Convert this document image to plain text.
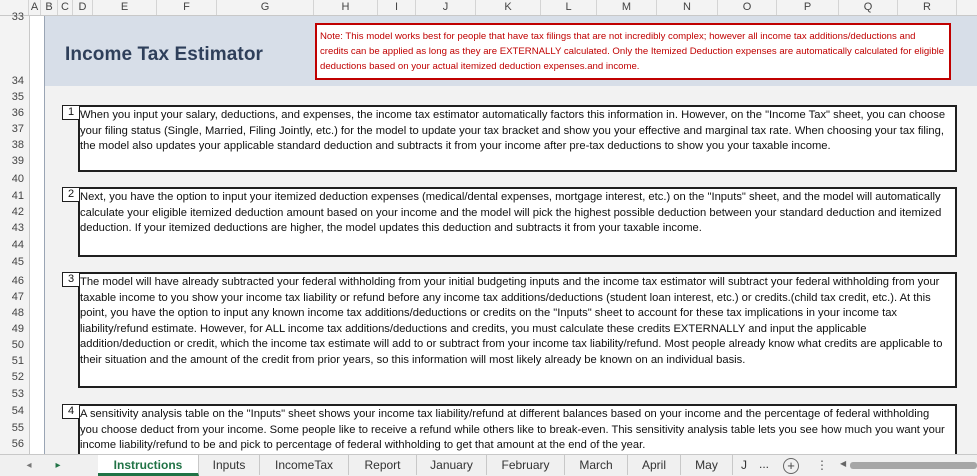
A B C D	E	F	G	H	I	J	K	L	M	N	O	P	Q	R
33
34
35
36
37
38
39
40
41
42
43
44
45
46
47
48
49
50
51
52
53
54
55
56
Income Tax Estimator
Note: This model works best for people that have tax filings that are not incredibly complex; however all income tax additions/deductions and credits can be applied as long as they are EXTERNALLY calculated. Only the Itemized Deduction expenses are automatically calculated for eligible deductions based on your actual itemized deduction expenses.and income.
1 When you input your salary, deductions, and expenses, the income tax estimator automatically factors this information in. However, on the "Income Tax" sheet, you can choose your filing status (Single, Married, Filing Jointly, etc.) for the model to update your tax bracket and show you your effective and marginal tax rate. When choosing your tax filing, the model also updates your applicable standard deduction and subtracts it from your income after pre-tax deductions to show you your taxable income.

2 Next, you have the option to input your itemized deduction expenses (medical/dental expenses, mortgage interest, etc.) on the "Inputs" sheet, and the model will automatically calculate your eligible itemized deduction amount based on your income and the model will pick the highest possible deduction between your standard deduction and itemized deduction. If your itemized deductions are higher, the model updates this deduction and subtracts it from your taxable income.

3 The model will have already subtracted your federal withholding from your initial budgeting inputs and the income tax estimator will subtract your federal withholding from your taxable income to you show your income tax liability or refund before any income tax additions/deductions (student loan interest, etc.) or credits.(child tax credit, etc.). At this point, you have the option to input any known income tax additions/deductions or credits on the "Inputs" sheet to account for these tax implications in your income tax liability/refund estimate. However, for ALL income tax additions/deductions and credits, you must calculate these credits EXTERNALLY and input the applicable addition/deduction or credit, which the income tax estimate will add to or subtract from your income tax liability/refund. Most people already know what credits are applicable to their situation and the amount of the credit from prior years, so this information will most likely already be known on an individual basis.

4 A sensitivity analysis table on the "Inputs" sheet shows your income tax liability/refund at different balances based on your income and the percentage of federal withholding you choose deduct from your income. Some people like to receive a refund while others like to break-even. This sensitivity analysis table lets you see how much you want your income liability/refund to be and pick to percentage of federal withholding to get that amount at the end of the year.

◂	▸	Instructions	Inputs	IncomeTax	Report	January	February	March	April	May	J ...	+	⋮ ◀
